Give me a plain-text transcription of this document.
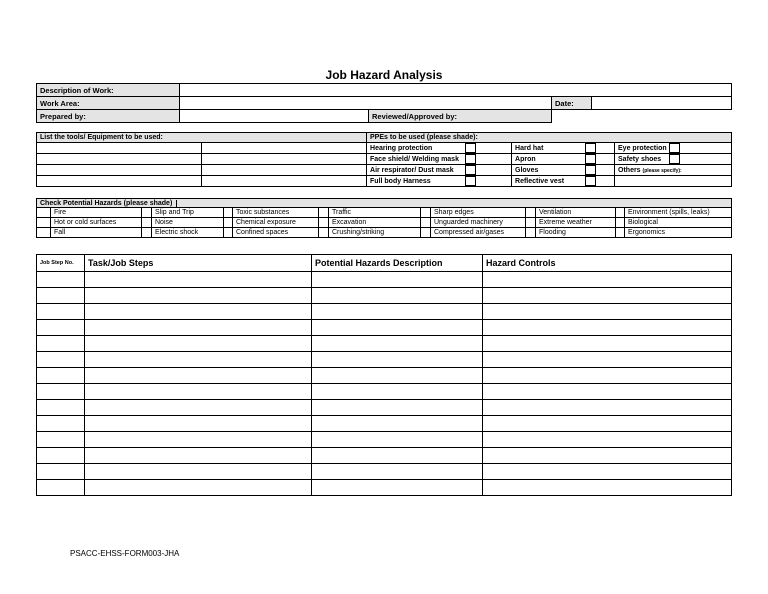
Job Hazard Analysis
Description of Work:				
Work Area:			Date:	
Prepared by:		Reviewed/Approved by:		
List the tools/ Equipment to be used:		PPEs to be used (please shade):		
		Hearing protection	Hard hat	Eye protection
		Face shield/ Welding mask	Apron	Safety shoes
		Air respirator/ Dust mask	Gloves	Others (please specify):
		Full body Harness	Reflective vest	
Check Potential Hazards (please shade)													
	Fire		Slip and Trip		Toxic substances		Traffic		Sharp edges		Ventilation		Environment (spills, leaks)
	Hot or cold surfaces		Noise		Chemical exposure		Excavation		Unguarded machinery		Extreme weather		Biological
	Fall		Electric shock		Confined spaces		Crushing/striking		Compressed air/gases		Flooding		Ergonomics
Job Step No.	Task/Job Steps	Potential Hazards Description	Hazard Controls

PSACC-EHSS-FORM003-JHA
